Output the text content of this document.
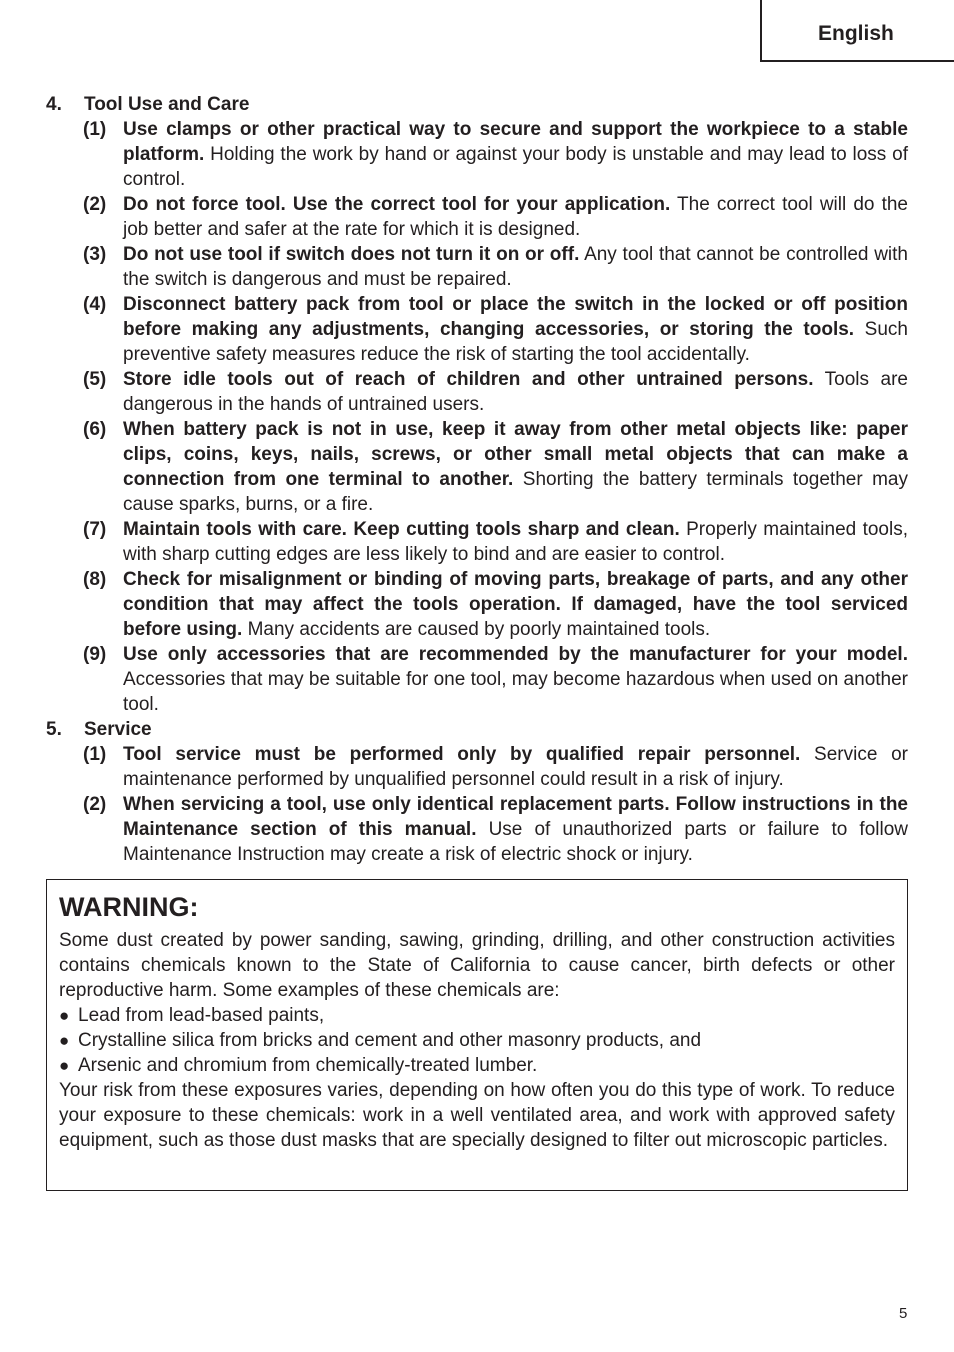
English
4. Tool Use and Care
(1) Use clamps or other practical way to secure and support the workpiece to a stable platform. Holding the work by hand or against your body is unstable and may lead to loss of control.
(2) Do not force tool. Use the correct tool for your application. The correct tool will do the job better and safer at the rate for which it is designed.
(3) Do not use tool if switch does not turn it on or off. Any tool that cannot be controlled with the switch is dangerous and must be repaired.
(4) Disconnect battery pack from tool or place the switch in the locked or off position before making any adjustments, changing accessories, or storing the tools. Such preventive safety measures reduce the risk of starting the tool accidentally.
(5) Store idle tools out of reach of children and other untrained persons. Tools are dangerous in the hands of untrained users.
(6) When battery pack is not in use, keep it away from other metal objects like: paper clips, coins, keys, nails, screws, or other small metal objects that can make a connection from one terminal to another. Shorting the battery terminals together may cause sparks, burns, or a fire.
(7) Maintain tools with care. Keep cutting tools sharp and clean. Properly maintained tools, with sharp cutting edges are less likely to bind and are easier to control.
(8) Check for misalignment or binding of moving parts, breakage of parts, and any other condition that may affect the tools operation. If damaged, have the tool serviced before using. Many accidents are caused by poorly maintained tools.
(9) Use only accessories that are recommended by the manufacturer for your model. Accessories that may be suitable for one tool, may become hazardous when used on another tool.
5. Service
(1) Tool service must be performed only by qualified repair personnel. Service or maintenance performed by unqualified personnel could result in a risk of injury.
(2) When servicing a tool, use only identical replacement parts. Follow instructions in the Maintenance section of this manual. Use of unauthorized parts or failure to follow Maintenance Instruction may create a risk of electric shock or injury.
WARNING:

Some dust created by power sanding, sawing, grinding, drilling, and other construction activities contains chemicals known to the State of California to cause cancer, birth defects or other reproductive harm. Some examples of these chemicals are:

● Lead from lead-based paints,
● Crystalline silica from bricks and cement and other masonry products, and
● Arsenic and chromium from chemically-treated lumber.

Your risk from these exposures varies, depending on how often you do this type of work. To reduce your exposure to these chemicals: work in a well ventilated area, and work with approved safety equipment, such as those dust masks that are specially designed to filter out microscopic particles.

5
